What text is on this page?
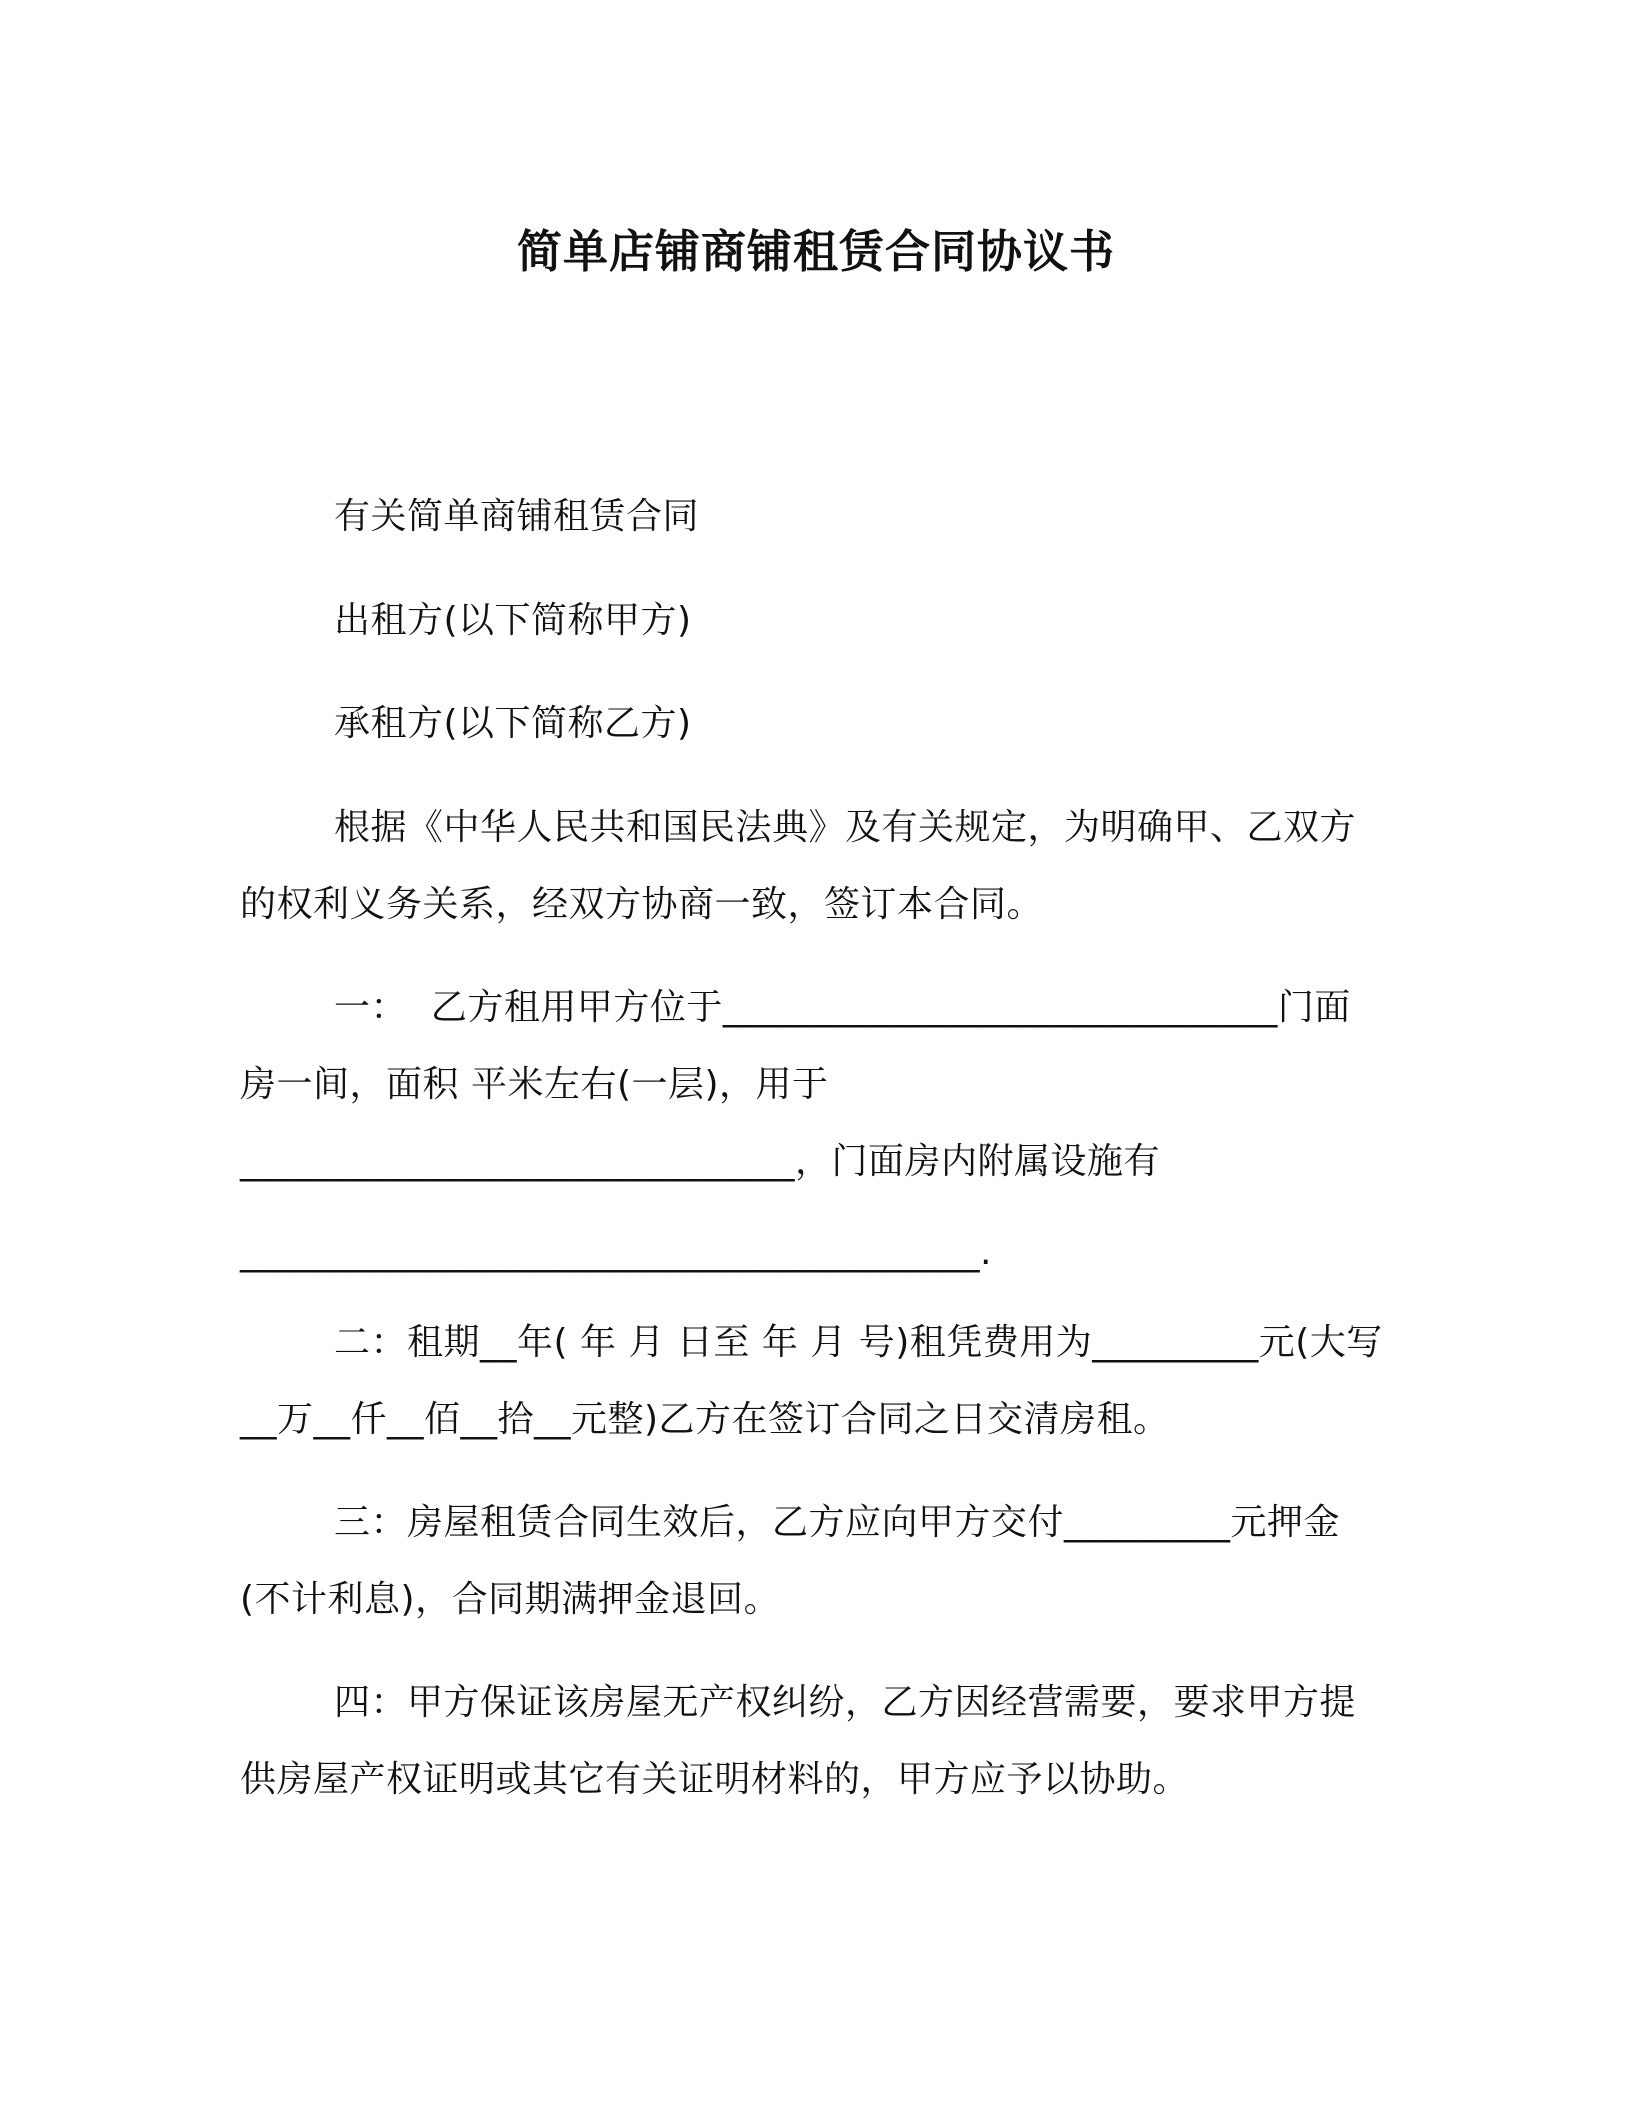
简单店铺商铺租赁合同协议书
有关简单商铺租赁合同
出租方(以下简称甲方)
承租方(以下简称乙方)
根据《中华人民共和国民法典》及有关规定，为明确甲、乙双方
的权利义务关系，经双方协商一致，签订本合同。
一：  乙方租用甲方位于______________________________门面
房一间，面积 平米左右(一层)，用于
______________________________，门面房内附属设施有
________________________________________.
二：租期__年( 年 月 日至 年 月 号)租凭费用为_________元(大写
__万__仟__佰__拾__元整)乙方在签订合同之日交清房租。
三：房屋租赁合同生效后，乙方应向甲方交付_________元押金
(不计利息)，合同期满押金退回。
四：甲方保证该房屋无产权纠纷，乙方因经营需要，要求甲方提
供房屋产权证明或其它有关证明材料的，甲方应予以协助。
